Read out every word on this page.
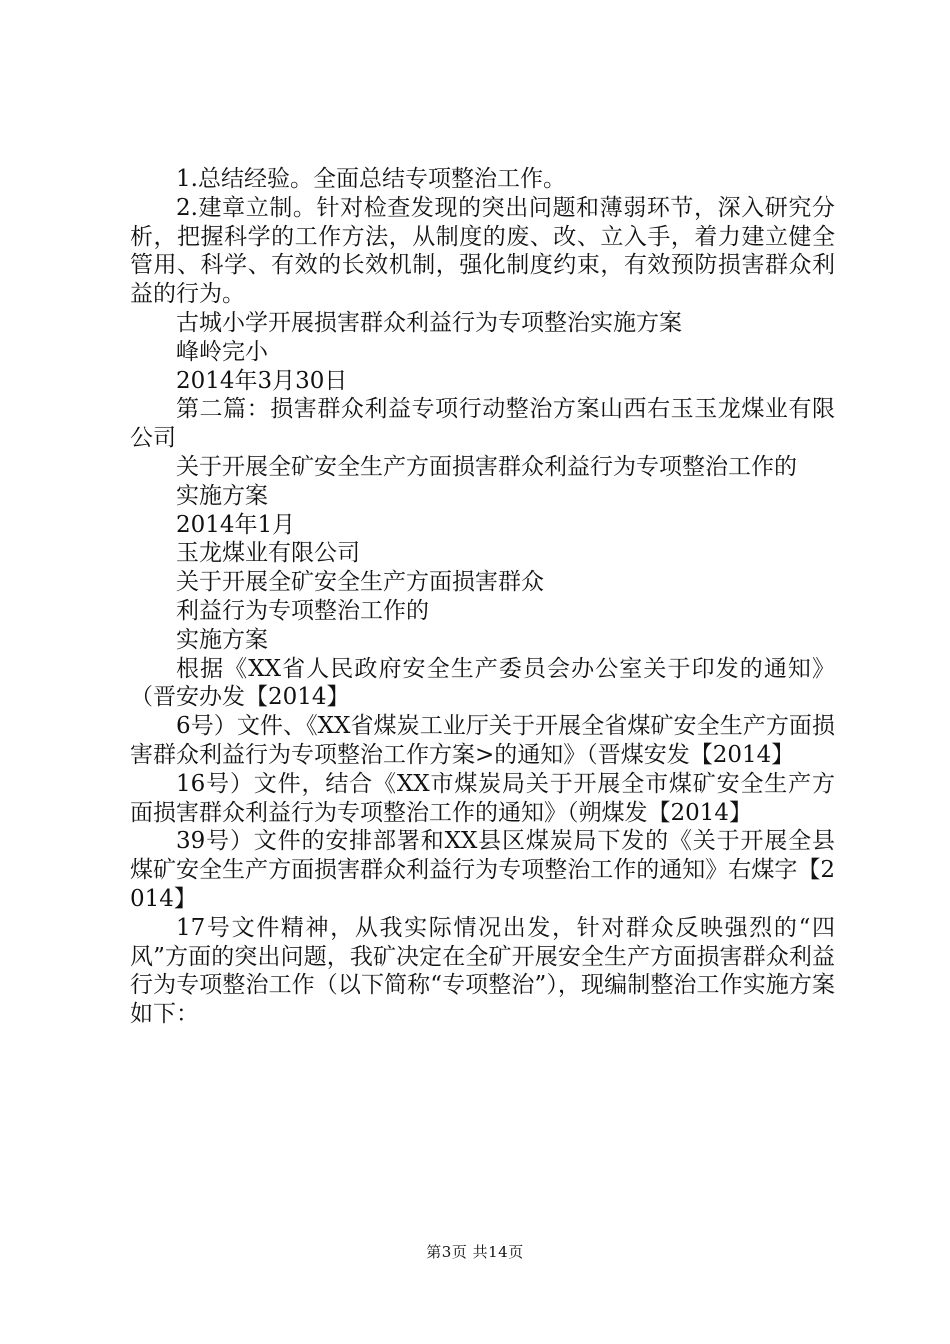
1.总结经验。全面总结专项整治工作。

2.建章立制。针对检查发现的突出问题和薄弱环节，深入研究分析，把握科学的工作方法，从制度的废、改、立入手，着力建立健全管用、科学、有效的长效机制，强化制度约束，有效预防损害群众利益的行为。

古城小学开展损害群众利益行为专项整治实施方案

峰岭完小

2014年3月30日

第二篇：损害群众利益专项行动整治方案山西右玉玉龙煤业有限公司

关于开展全矿安全生产方面损害群众利益行为专项整治工作的

实施方案

2014年1月

玉龙煤业有限公司

关于开展全矿安全生产方面损害群众

利益行为专项整治工作的

实施方案

根据《XX省人民政府安全生产委员会办公室关于印发的通知》（晋安办发【2014】

6号）文件、《XX省煤炭工业厅关于开展全省煤矿安全生产方面损害群众利益行为专项整治工作方案>的通知》（晋煤安发【2014】

16号）文件，结合《XX市煤炭局关于开展全市煤矿安全生产方面损害群众利益行为专项整治工作的通知》（朔煤发【2014】

39号）文件的安排部署和XX县区煤炭局下发的《关于开展全县煤矿安全生产方面损害群众利益行为专项整治工作的通知》右煤字【2014】

17号文件精神，从我实际情况出发，针对群众反映强烈的“四风”方面的突出问题，我矿决定在全矿开展安全生产方面损害群众利益行为专项整治工作（以下简称“专项整治”），现编制整治工作实施方案如下：

第3页 共14页
